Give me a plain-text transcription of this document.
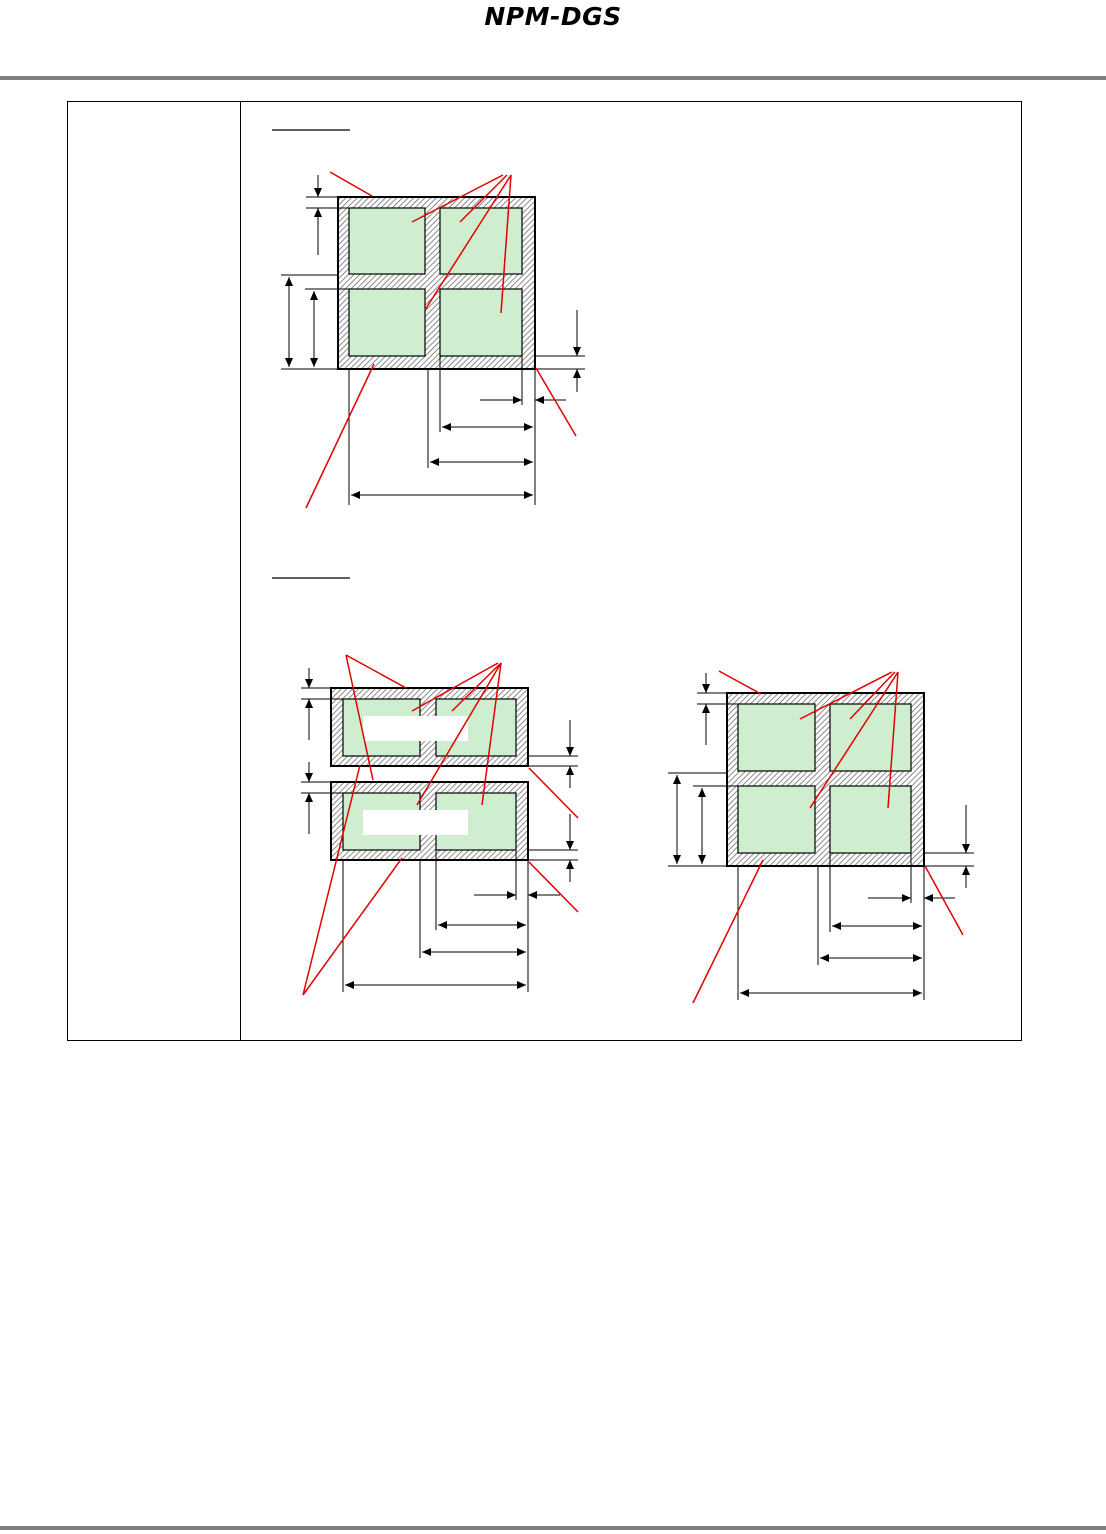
NPM-DGS
